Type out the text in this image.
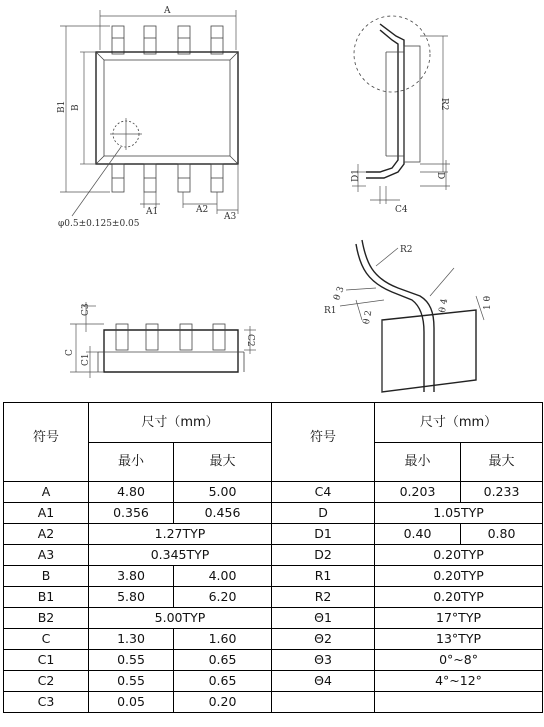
A
B1 B
A1	A2
A3
φ0.5±0.125±0.05
R2
D1	D
C4
C
C1
C3
C2
R2
R1
θ 3
θ 2
θ 4	1 θ
符号	尺寸（mm）		符号	尺寸（mm）	
	最小	最大		最小	最大
A	4.80	5.00	C4	0.203	0.233
A1	0.356	0.456	D	1.05TYP	
A2	1.27TYP		D1	0.40	0.80
A3	0.345TYP		D2	0.20TYP	
B	3.80	4.00	R1	0.20TYP	
B1	5.80	6.20	R2	0.20TYP	
B2	5.00TYP		Θ1	17°TYP	
C	1.30	1.60	Θ2	13°TYP	
C1	0.55	0.65	Θ3	0°~8°	
C2	0.55	0.65	Θ4	4°~12°	
C3	0.05	0.20			
